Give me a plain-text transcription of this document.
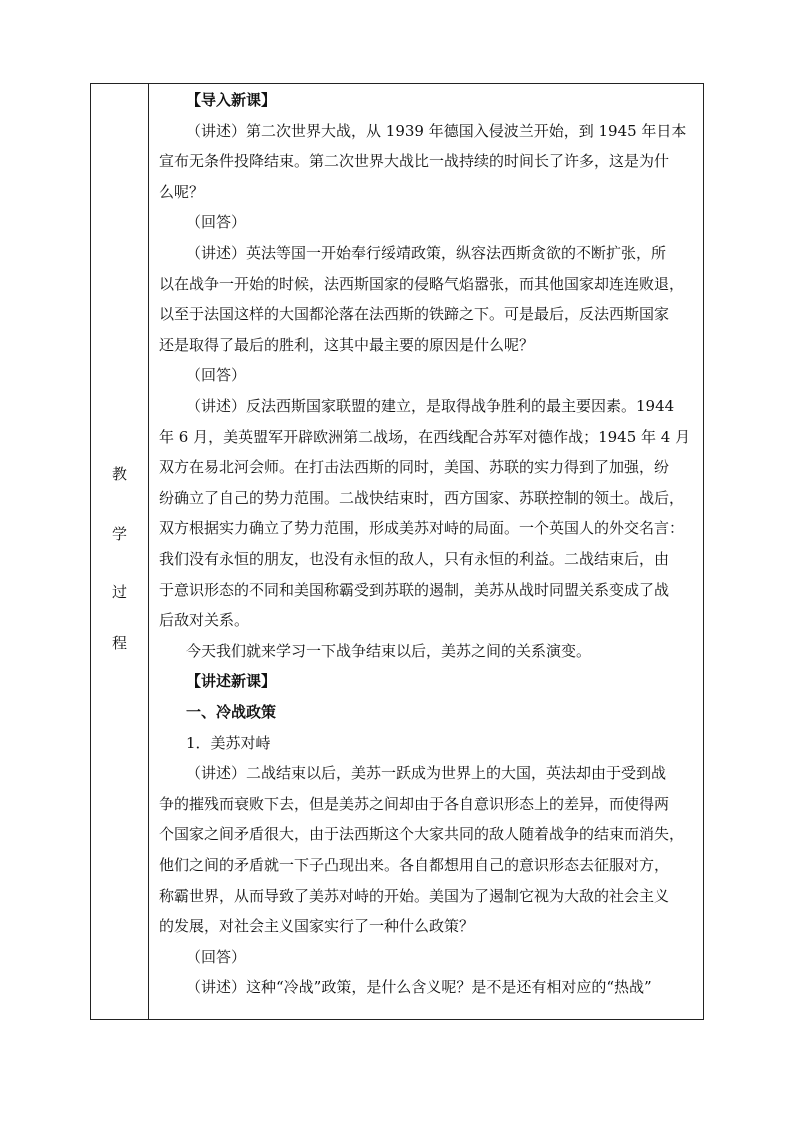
教
学
过
程
【导入新课】
（讲述）第二次世界大战，从 1939 年德国入侵波兰开始，到 1945 年日本
宣布无条件投降结束。第二次世界大战比一战持续的时间长了许多，这是为什
么呢？
（回答）
（讲述）英法等国一开始奉行绥靖政策，纵容法西斯贪欲的不断扩张，所
以在战争一开始的时候，法西斯国家的侵略气焰嚣张，而其他国家却连连败退，
以至于法国这样的大国都沦落在法西斯的铁蹄之下。可是最后，反法西斯国家
还是取得了最后的胜利，这其中最主要的原因是什么呢？
（回答）
（讲述）反法西斯国家联盟的建立，是取得战争胜利的最主要因素。1944
年 6 月，美英盟军开辟欧洲第二战场，在西线配合苏军对德作战；1945 年 4 月
双方在易北河会师。在打击法西斯的同时，美国、苏联的实力得到了加强，纷
纷确立了自己的势力范围。二战快结束时，西方国家、苏联控制的领土。战后，
双方根据实力确立了势力范围，形成美苏对峙的局面。一个英国人的外交名言：
我们没有永恒的朋友，也没有永恒的敌人，只有永恒的利益。二战结束后，由
于意识形态的不同和美国称霸受到苏联的遏制，美苏从战时同盟关系变成了战
后敌对关系。
今天我们就来学习一下战争结束以后，美苏之间的关系演变。
【讲述新课】
一、冷战政策
1．美苏对峙
（讲述）二战结束以后，美苏一跃成为世界上的大国，英法却由于受到战
争的摧残而衰败下去，但是美苏之间却由于各自意识形态上的差异，而使得两
个国家之间矛盾很大，由于法西斯这个大家共同的敌人随着战争的结束而消失，
他们之间的矛盾就一下子凸现出来。各自都想用自己的意识形态去征服对方，
称霸世界，从而导致了美苏对峙的开始。美国为了遏制它视为大敌的社会主义
的发展，对社会主义国家实行了一种什么政策？
（回答）
（讲述）这种“冷战”政策，是什么含义呢？是不是还有相对应的“热战”
